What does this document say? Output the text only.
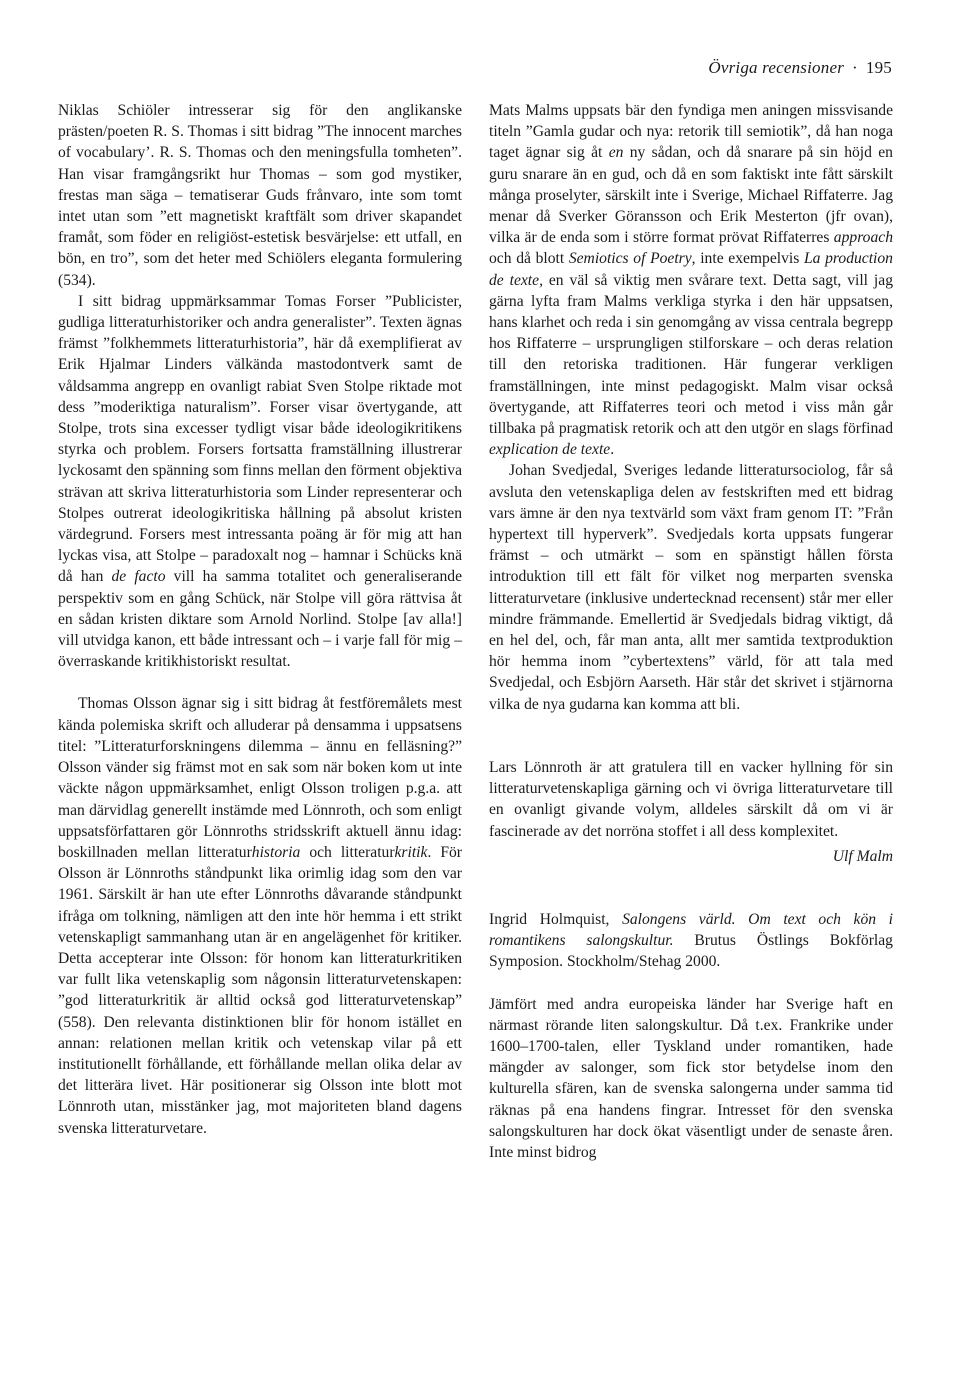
Övriga recensioner · 195

Niklas Schiöler intresserar sig för den anglikanske prästen/poeten R. S. Thomas i sitt bidrag ”The innocent marches of vocabulary’. R. S. Thomas och den meningsfulla tomheten”. Han visar framgångsrikt hur Thomas – som god mystiker, frestas man säga – tematiserar Guds frånvaro, inte som tomt intet utan som ”ett magnetiskt kraftfält som driver skapandet framåt, som föder en religiöst-estetisk besvärjelse: ett utfall, en bön, en tro”, som det heter med Schiölers eleganta formulering (534).

I sitt bidrag uppmärksammar Tomas Forser ”Publicister, gudliga litteraturhistoriker och andra generalister”. Texten ägnas främst ”folkhemmets litteraturhistoria”, här då exemplifierat av Erik Hjalmar Linders välkända mastodontverk samt de våldsamma angrepp en ovanligt rabiat Sven Stolpe riktade mot dess ”moderiktiga naturalism”. Forser visar övertygande, att Stolpe, trots sina excesser tydligt visar både ideologikritikens styrka och problem. Forsers fortsatta framställning illustrerar lyckosamt den spänning som finns mellan den förment objektiva strävan att skriva litteraturhistoria som Linder representerar och Stolpes outrerat ideologikritiska hållning på absolut kristen värdegrund. Forsers mest intressanta poäng är för mig att han lyckas visa, att Stolpe – paradoxalt nog – hamnar i Schücks knä då han de facto vill ha samma totalitet och generaliserande perspektiv som en gång Schück, när Stolpe vill göra rättvisa åt en sådan kristen diktare som Arnold Norlind. Stolpe [av alla!] vill utvidga kanon, ett både intressant och – i varje fall för mig – överraskande kritikhistoriskt resultat.

Thomas Olsson ägnar sig i sitt bidrag åt festföremålets mest kända polemiska skrift och alluderar på densamma i uppsatsens titel: ”Litteraturforskningens dilemma – ännu en felläsning?” Olsson vänder sig främst mot en sak som när boken kom ut inte väckte någon uppmärksamhet, enligt Olsson troligen p.g.a. att man därvidlag generellt instämde med Lönnroth, och som enligt uppsatsförfattaren gör Lönnroths stridsskrift aktuell ännu idag: boskillnaden mellan litteraturhistoria och litteraturkritik. För Olsson är Lönnroths ståndpunkt lika orimlig idag som den var 1961. Särskilt är han ute efter Lönnroths dåvarande ståndpunkt ifråga om tolkning, nämligen att den inte hör hemma i ett strikt vetenskapligt sammanhang utan är en angelägenhet för kritiker. Detta accepterar inte Olsson: för honom kan litteraturkritiken var fullt lika vetenskaplig som någonsin litteraturvetenskapen: ”god litteraturkritik är alltid också god litteraturvetenskap” (558). Den relevanta distinktionen blir för honom istället en annan: relationen mellan kritik och vetenskap vilar på ett institutionellt förhållande, ett förhållande mellan olika delar av det litterära livet. Här positionerar sig Olsson inte blott mot Lönnroth utan, misstänker jag, mot majoriteten bland dagens svenska litteraturvetare.

Mats Malms uppsats bär den fyndiga men aningen missvisande titeln ”Gamla gudar och nya: retorik till semiotik”, då han noga taget ägnar sig åt en ny sådan, och då snarare på sin höjd en guru snarare än en gud, och då en som faktiskt inte fått särskilt många proselyter, särskilt inte i Sverige, Michael Riffaterre. Jag menar då Sverker Göransson och Erik Mesterton (jfr ovan), vilka är de enda som i större format prövat Riffaterres approach och då blott Semiotics of Poetry, inte exempelvis La production de texte, en väl så viktig men svårare text. Detta sagt, vill jag gärna lyfta fram Malms verkliga styrka i den här uppsatsen, hans klarhet och reda i sin genomgång av vissa centrala begrepp hos Riffaterre – ursprungligen stilforskare – och deras relation till den retoriska traditionen. Här fungerar verkligen framställningen, inte minst pedagogiskt. Malm visar också övertygande, att Riffaterres teori och metod i viss mån går tillbaka på pragmatisk retorik och att den utgör en slags förfinad explication de texte.

Johan Svedjedal, Sveriges ledande litteratursociolog, får så avsluta den vetenskapliga delen av festskriften med ett bidrag vars ämne är den nya textvärld som växt fram genom IT: ”Från hypertext till hyperverk”. Svedjedals korta uppsats fungerar främst – och utmärkt – som en spänstigt hållen första introduktion till ett fält för vilket nog merparten svenska litteraturvetare (inklusive undertecknad recensent) står mer eller mindre främmande. Emellertid är Svedjedals bidrag viktigt, då en hel del, och, får man anta, allt mer samtida textproduktion hör hemma inom ”cybertextens” värld, för att tala med Svedjedal, och Esbjörn Aarseth. Här står det skrivet i stjärnorna vilka de nya gudarna kan komma att bli.

Lars Lönnroth är att gratulera till en vacker hyllning för sin litteraturvetenskapliga gärning och vi övriga litteraturvetare till en ovanligt givande volym, alldeles särskilt då om vi är fascinerade av det norröna stoffet i all dess komplexitet.

Ulf Malm

Ingrid Holmquist, Salongens värld. Om text och kön i romantikens salongskultur. Brutus Östlings Bokförlag Symposion. Stockholm/Stehag 2000.

Jämfört med andra europeiska länder har Sverige haft en närmast rörande liten salongskultur. Då t.ex. Frankrike under 1600–1700-talen, eller Tyskland under romantiken, hade mängder av salonger, som fick stor betydelse inom den kulturella sfären, kan de svenska salongerna under samma tid räknas på ena handens fingrar. Intresset för den svenska salongskulturen har dock ökat väsentligt under de senaste åren. Inte minst bidrog
